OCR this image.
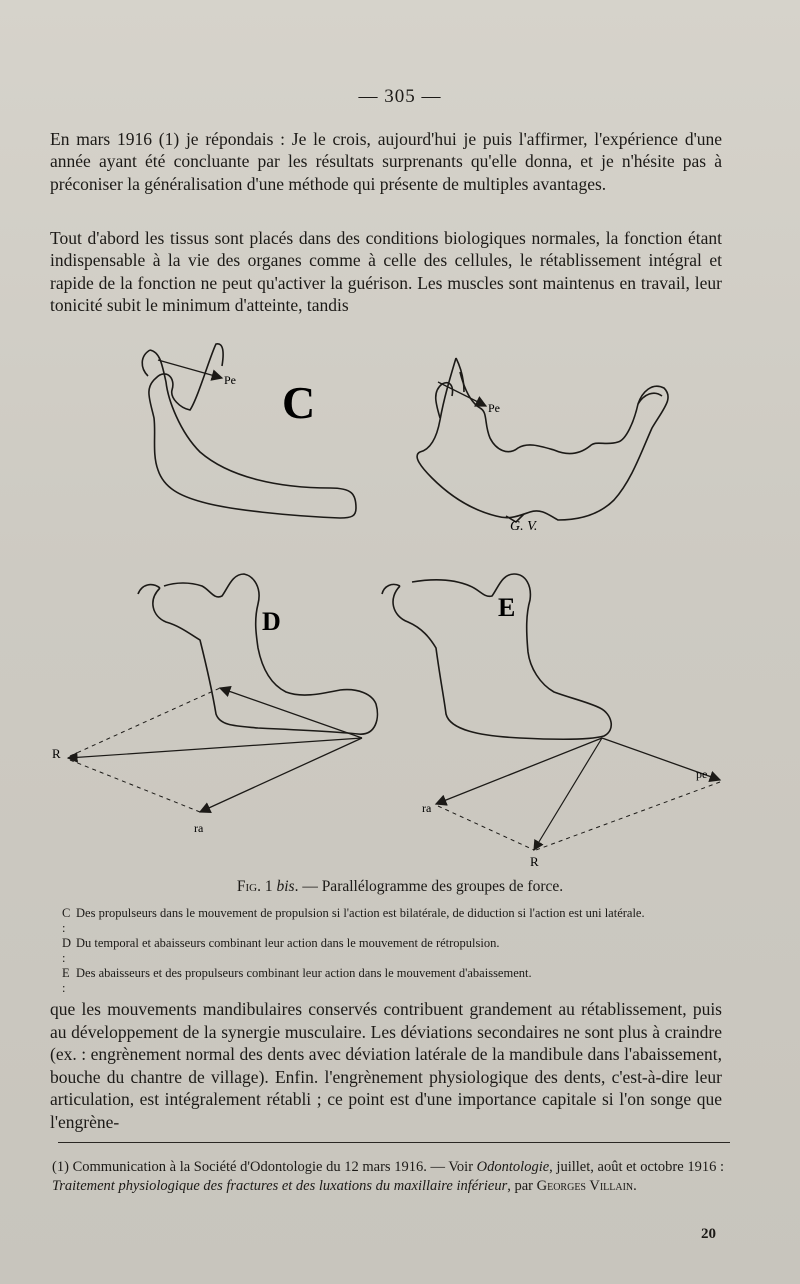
— 305 —

En mars 1916 (1) je répondais : Je le crois, aujourd'hui je puis l'affirmer, l'expérience d'une année ayant été concluante par les résultats surprenants qu'elle donna, et je n'hésite pas à préconiser la généralisation d'une méthode qui présente de multiples avantages.

Tout d'abord les tissus sont placés dans des conditions biologiques normales, la fonction étant indispensable à la vie des organes comme à celle des cellules, le rétablissement intégral et rapide de la fonction ne peut qu'activer la guérison. Les muscles sont maintenus en travail, leur tonicité subit le minimum d'atteinte, tandis

Pe C	Pe
G. V.
D
R
ra
E
pe
ra
R
Fig. 1 bis. — Parallélogramme des groupes de force.
C :
Des propulseurs dans le mouvement de propulsion si l'action est bilatérale, de diduction si l'action est uni latérale.
D :
Du temporal et abaisseurs combinant leur action dans le mouvement de rétropulsion.
E :
Des abaisseurs et des propulseurs combinant leur action dans le mouvement d'abaissement.

que les mouvements mandibulaires conservés contribuent grandement au rétablissement, puis au développement de la synergie musculaire. Les déviations secondaires ne sont plus à craindre (ex. : engrènement normal des dents avec déviation latérale de la mandibule dans l'abaissement, bouche du chantre de village). Enfin. l'engrènement physiologique des dents, c'est-à-dire leur articulation, est intégralement rétabli ; ce point est d'une importance capitale si l'on songe que l'engrène-

(1) Communication à la Société d'Odontologie du 12 mars 1916. — Voir Odontologie, juillet, août et octobre 1916 : Traitement physiologique des fractures et des luxations du maxillaire inférieur, par Georges Villain.
20
